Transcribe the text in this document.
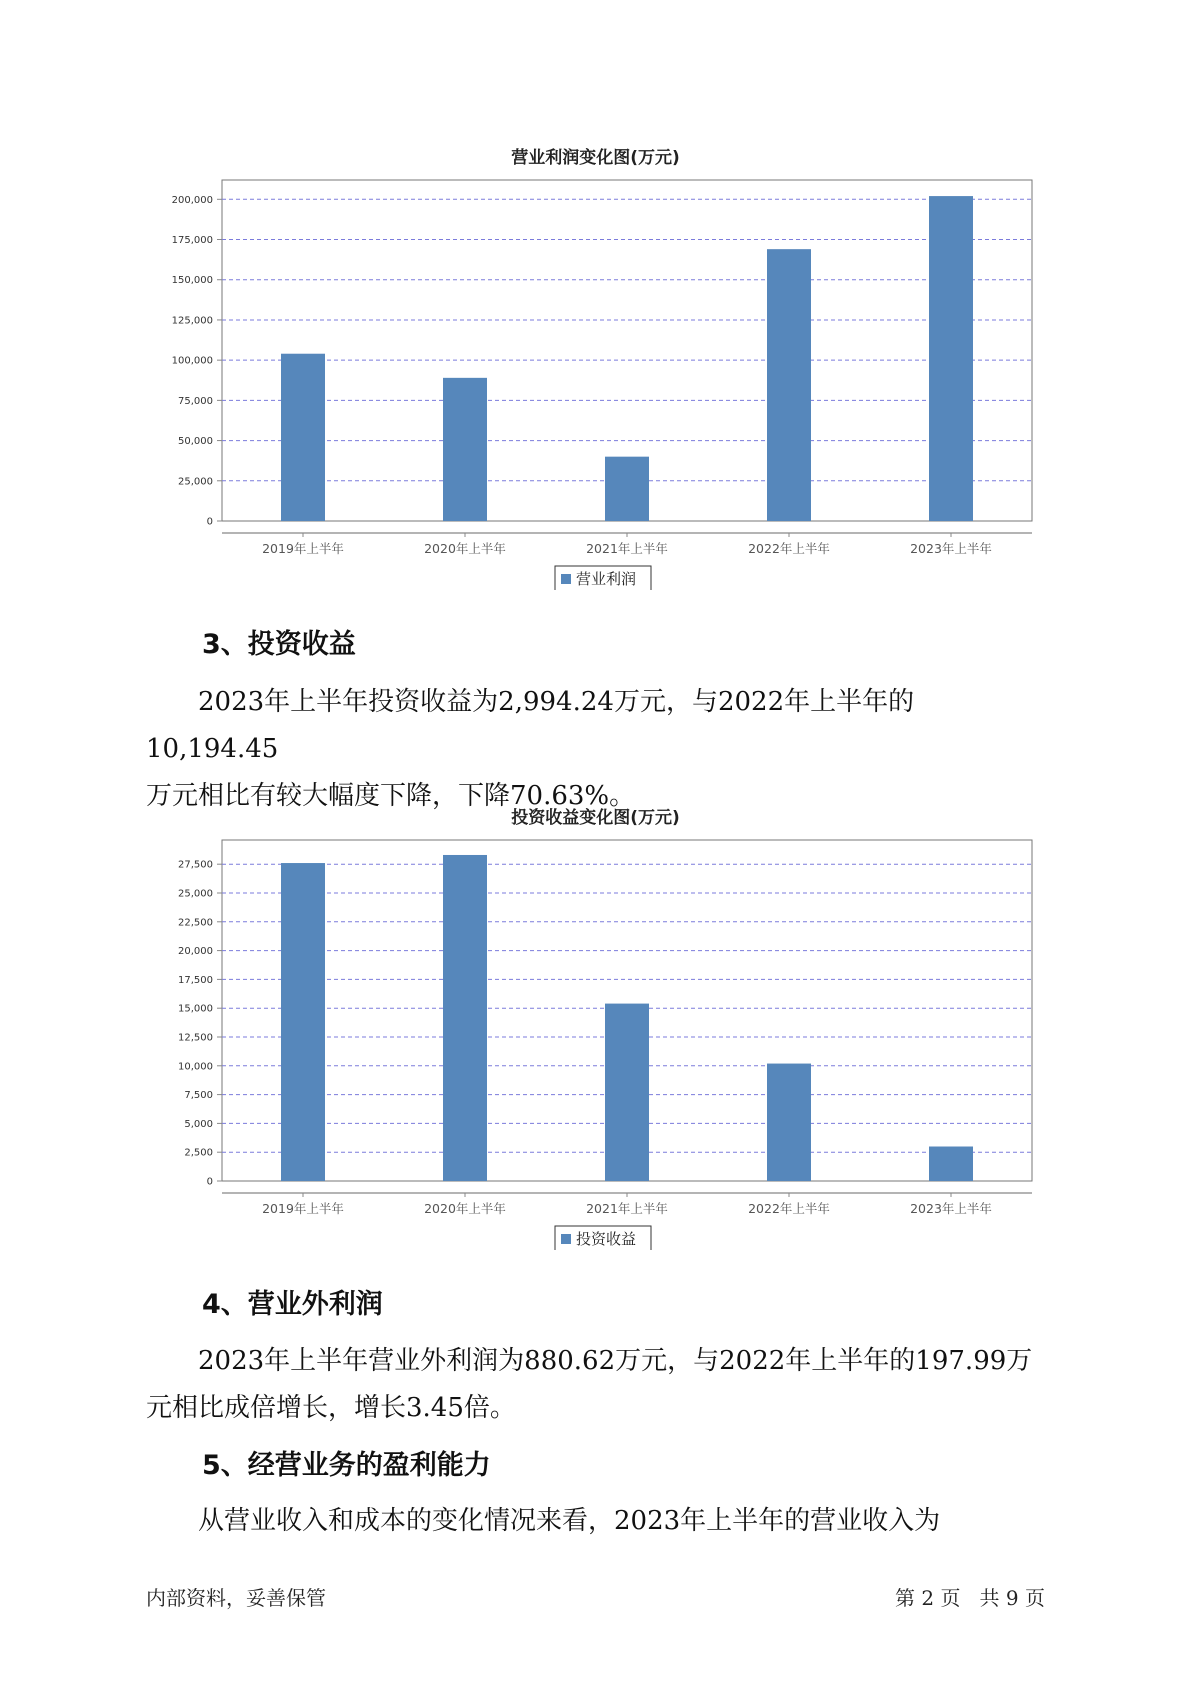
营业利润变化图(万元)
0
25,000
50,000
75,000
100,000
125,000
150,000
175,000
200,000
2019年上半年	2020年上半年	2021年上半年	2022年上半年	2023年上半年
营业利润
3、投资收益
2023年上半年投资收益为2,994.24万元，与2022年上半年的10,194.45
万元相比有较大幅度下降，下降70.63%。
投资收益变化图(万元)
0
2,500
5,000
7,500
10,000
12,500
15,000
17,500
20,000
22,500
25,000
27,500
2019年上半年	2020年上半年	2021年上半年	2022年上半年	2023年上半年
投资收益
4、营业外利润
2023年上半年营业外利润为880.62万元，与2022年上半年的197.99万
元相比成倍增长，增长3.45倍。
5、经营业务的盈利能力
从营业收入和成本的变化情况来看，2023年上半年的营业收入为
内部资料，妥善保管	第 2 页   共 9 页
